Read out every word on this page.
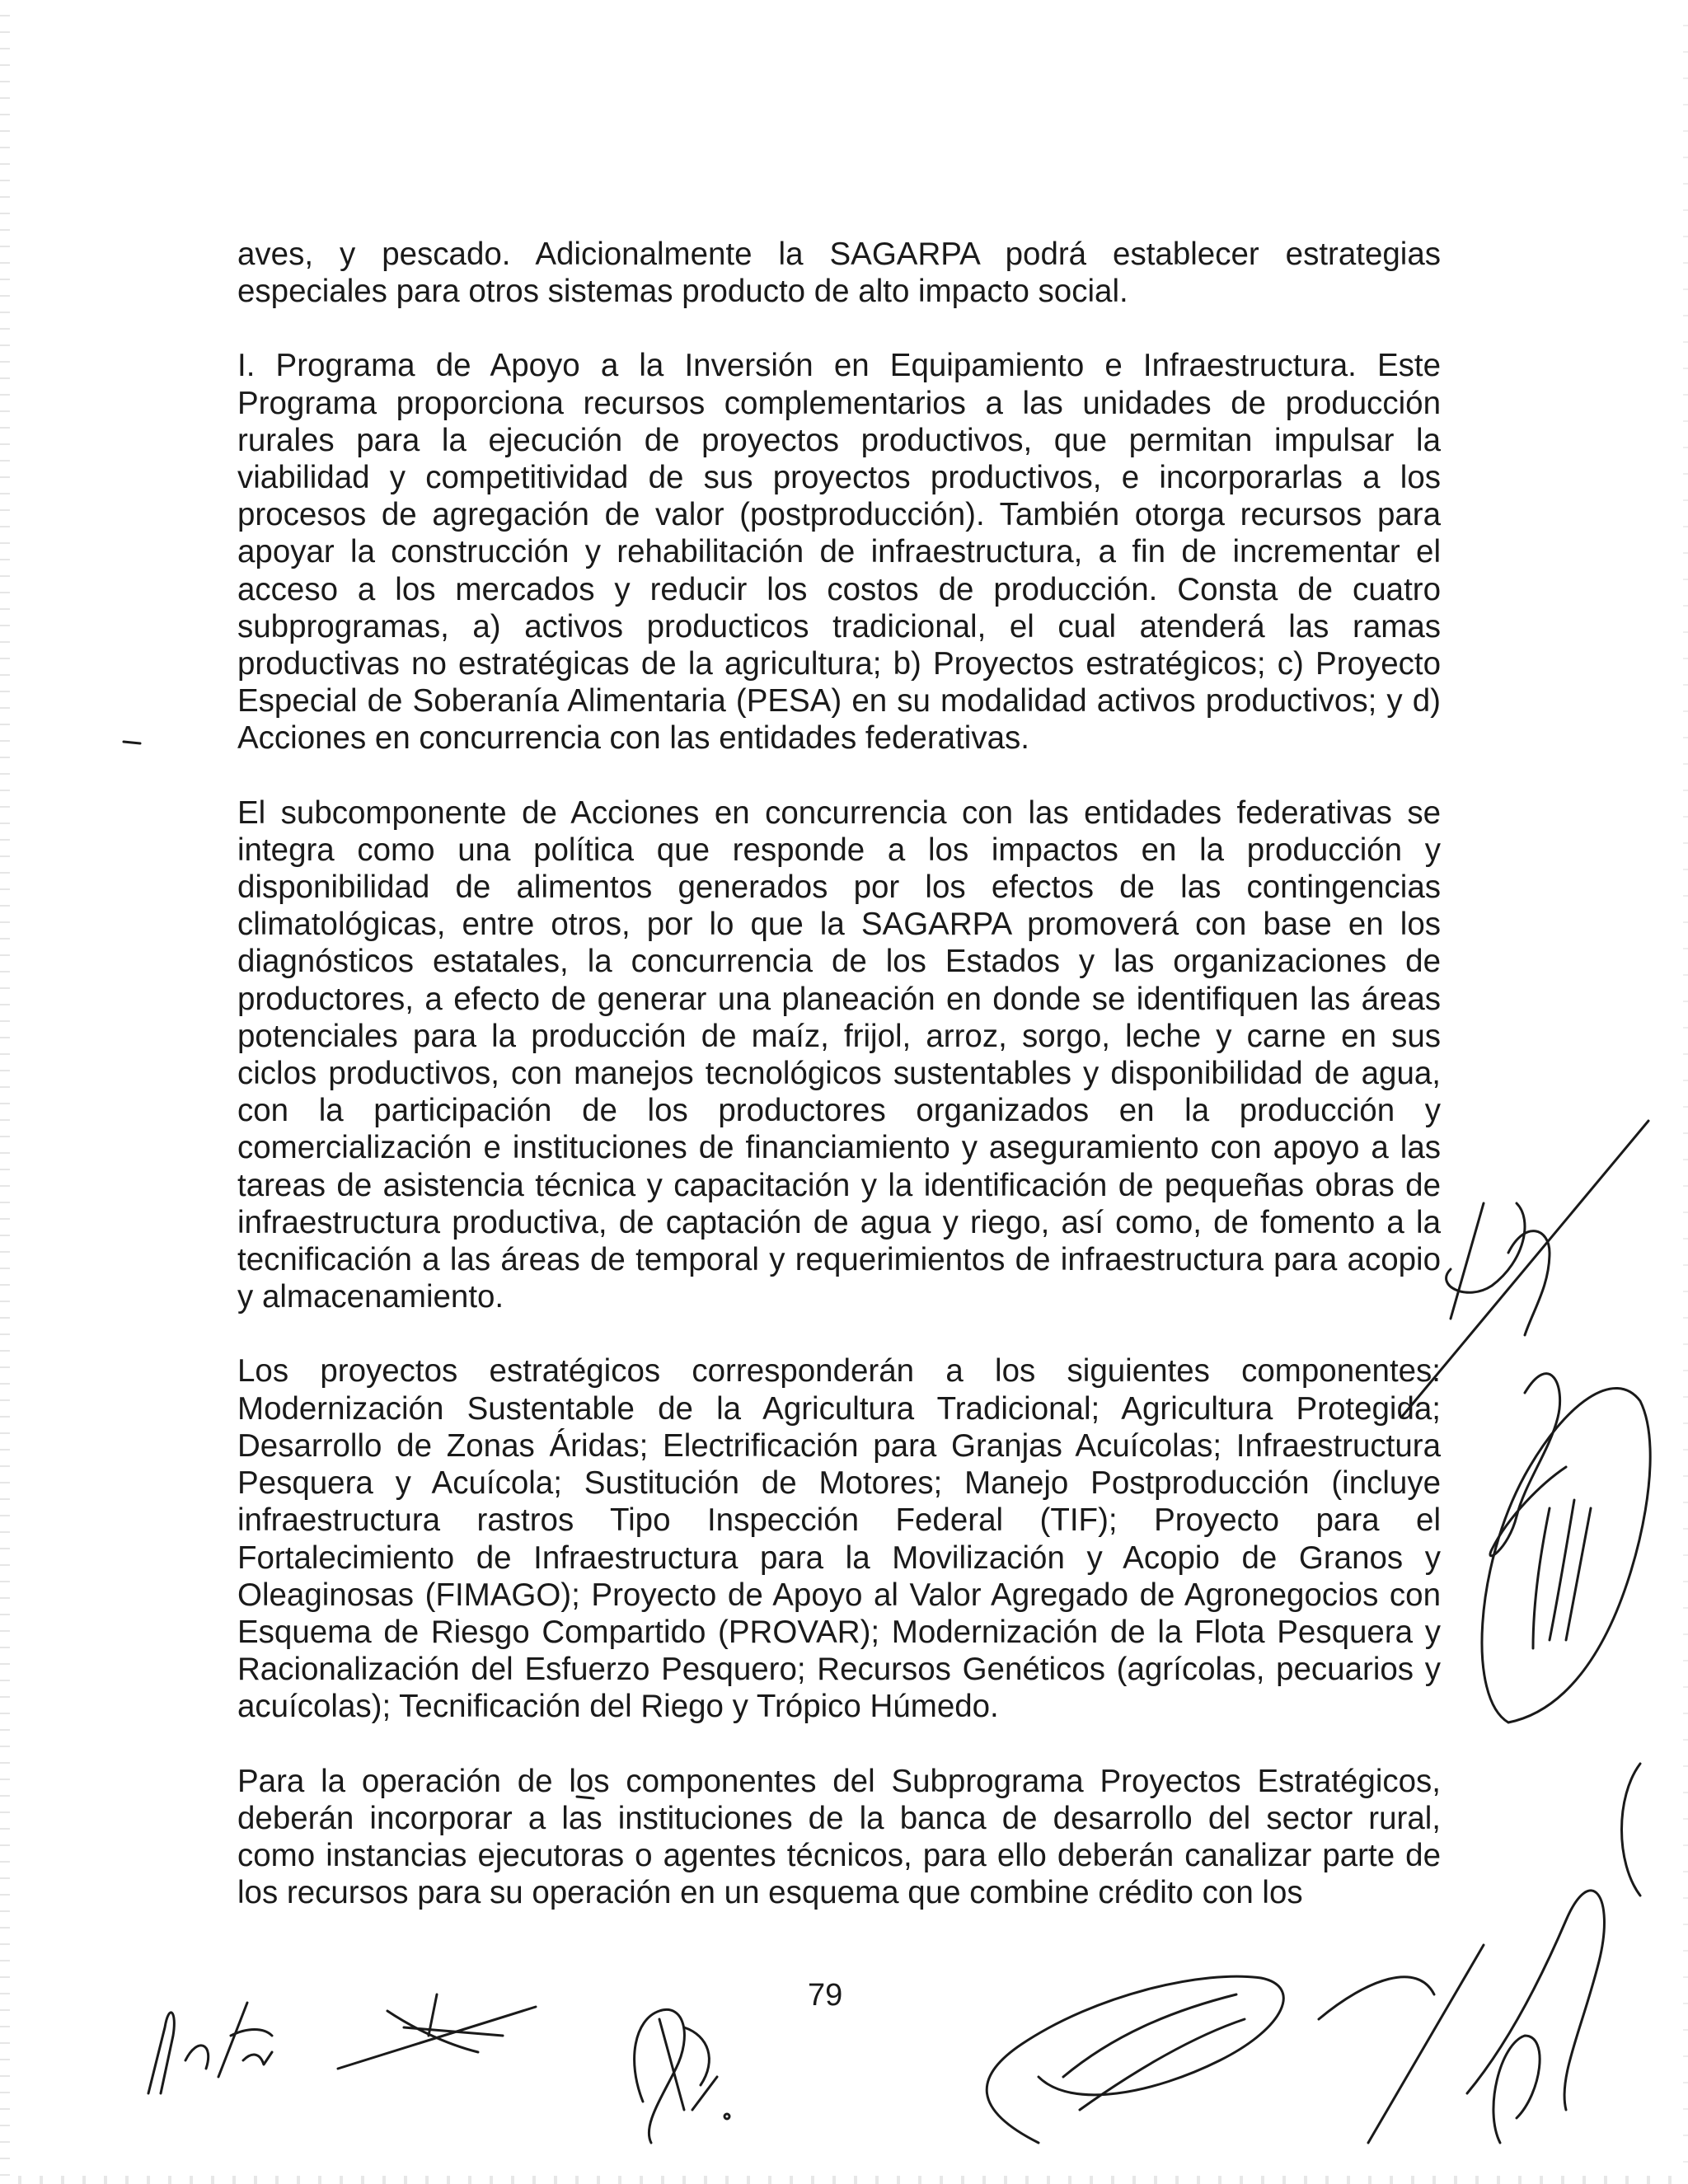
aves, y pescado. Adicionalmente la SAGARPA podrá establecer estrategias especiales para otros sistemas producto de alto impacto social.

I. Programa de Apoyo a la Inversión en Equipamiento e Infraestructura. Este Programa proporciona recursos complementarios a las unidades de producción rurales para la ejecución de proyectos productivos, que permitan impulsar la viabilidad y competitividad de sus proyectos productivos, e incorporarlas a los procesos de agregación de valor (postproducción). También otorga recursos para apoyar la construcción y rehabilitación de infraestructura, a fin de incrementar el acceso a los mercados y reducir los costos de producción. Consta de cuatro subprogramas, a) activos producticos tradicional, el cual atenderá las ramas productivas no estratégicas de la agricultura; b) Proyectos estratégicos; c) Proyecto Especial de Soberanía Alimentaria (PESA) en su modalidad activos productivos; y d) Acciones en concurrencia con las entidades federativas.

El subcomponente de Acciones en concurrencia con las entidades federativas se integra como una política que responde a los impactos en la producción y disponibilidad de alimentos generados por los efectos de las contingencias climatológicas, entre otros, por lo que la SAGARPA promoverá con base en los diagnósticos estatales, la concurrencia de los Estados y las organizaciones de productores, a efecto de generar una planeación en donde se identifiquen las áreas potenciales para la producción de maíz, frijol, arroz, sorgo, leche y carne en sus ciclos productivos, con manejos tecnológicos sustentables y disponibilidad de agua, con la participación de los productores organizados en la producción y comercialización e instituciones de financiamiento y aseguramiento con apoyo a las tareas de asistencia técnica y capacitación y la identificación de pequeñas obras de infraestructura productiva, de captación de agua y riego, así como, de fomento a la tecnificación a las áreas de temporal y requerimientos de infraestructura para acopio y almacenamiento.

Los proyectos estratégicos corresponderán a los siguientes componentes: Modernización Sustentable de la Agricultura Tradicional; Agricultura Protegida; Desarrollo de Zonas Áridas; Electrificación para Granjas Acuícolas; Infraestructura Pesquera y Acuícola; Sustitución de Motores; Manejo Postproducción (incluye infraestructura rastros Tipo Inspección Federal (TIF); Proyecto para el Fortalecimiento de Infraestructura para la Movilización y Acopio de Granos y Oleaginosas (FIMAGO); Proyecto de Apoyo al Valor Agregado de Agronegocios con Esquema de Riesgo Compartido (PROVAR); Modernización de la Flota Pesquera y Racionalización del Esfuerzo Pesquero; Recursos Genéticos (agrícolas, pecuarios y acuícolas); Tecnificación del Riego y Trópico Húmedo.

Para la operación de los componentes del Subprograma Proyectos Estratégicos, deberán incorporar a las instituciones de la banca de desarrollo del sector rural, como instancias ejecutoras o agentes técnicos, para ello deberán canalizar parte de los recursos para su operación en un esquema que combine crédito con los

79
